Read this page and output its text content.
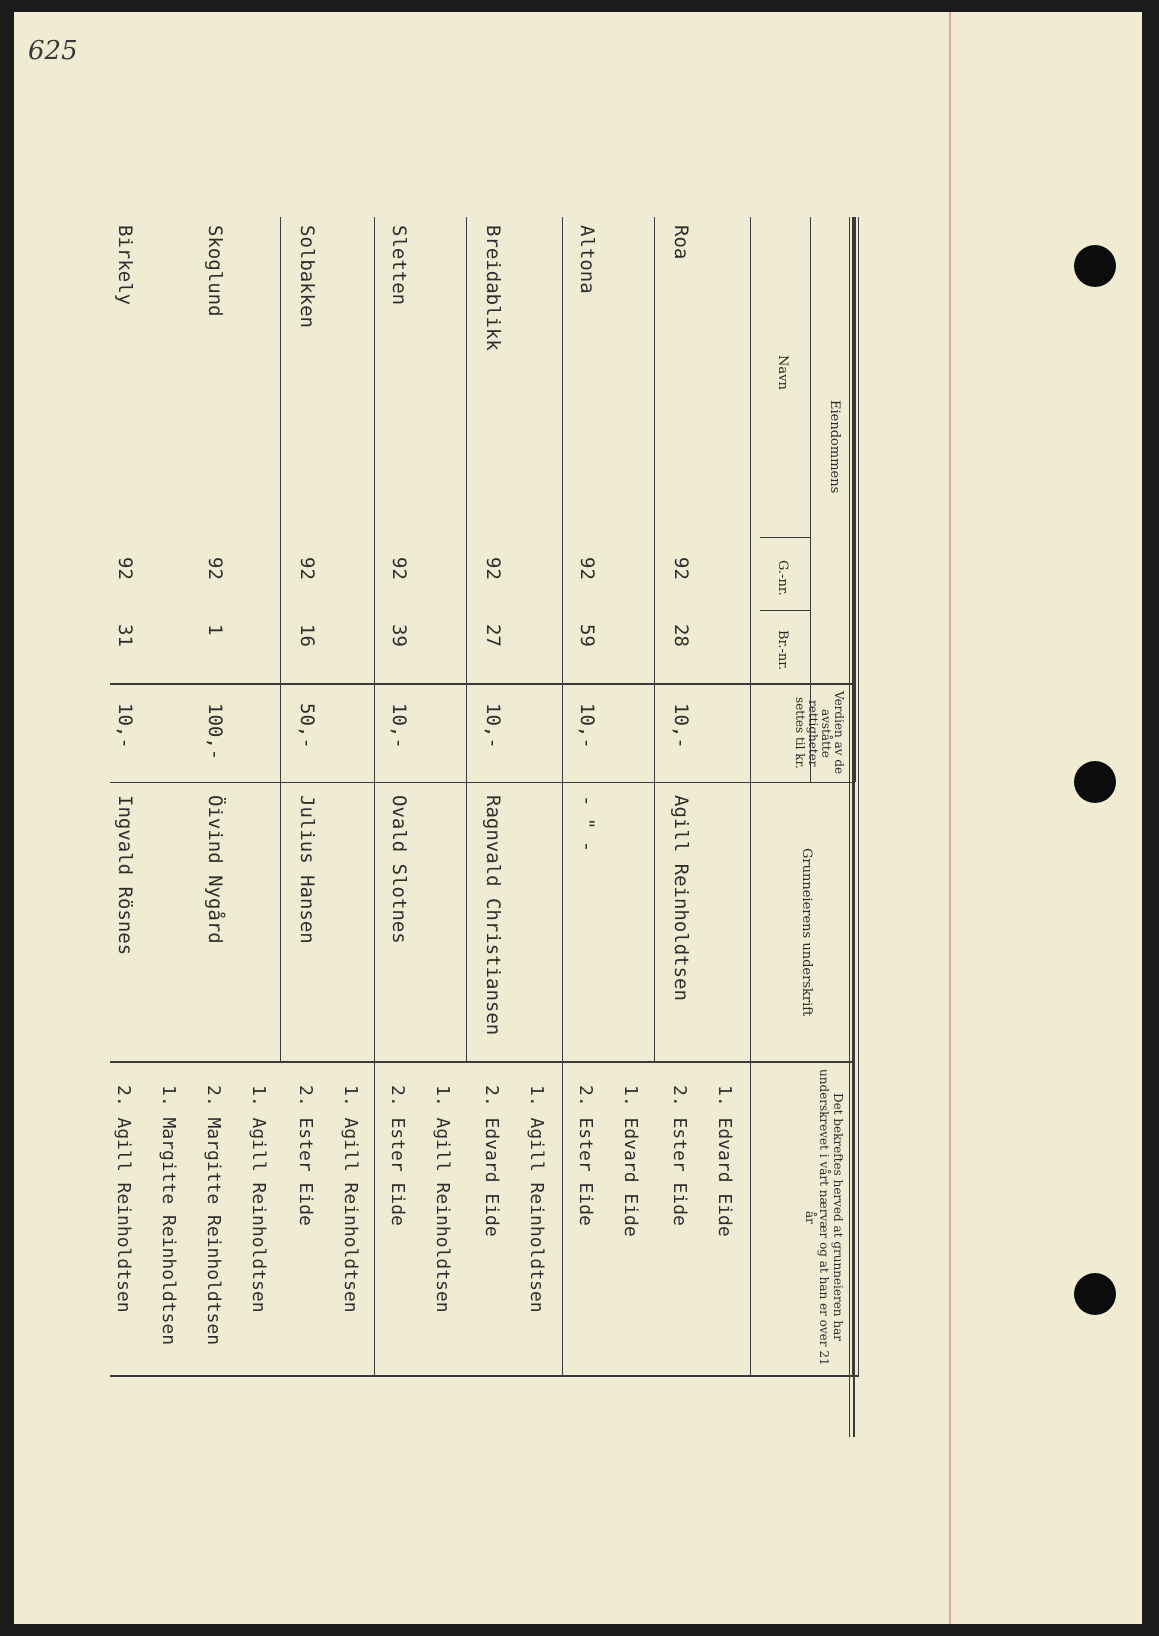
625
Eiendommens
Navn
G.-nr.
Br.-nr.
Verdien av de avståtte rettigheter settes til kr.
Grunneierens underskrift
Det bekreftes herved at grunneieren har underskrevet i vårt nærvær og at han er over 21 år
Roa
92
28
10,-
Agill Reinholdtsen
1. Edvard Eide
2. Ester Eide
Altona
92
59
10,-
- " -
1. Edvard Eide
2. Ester Eide
Breidablikk
92
27
10,-
Ragnvald Christiansen
1. Agill Reinholdtsen
2. Edvard Eide
Sletten
92
39
10,-
Ovald Slotnes
1. Agill Reinholdtsen
2. Ester Eide
Solbakken
92
16
50,-
Julius Hansen
1. Agill Reinholdtsen
2. Ester Eide
Skoglund
92
1
100,-
Öivind Nygård
1. Agill Reinholdtsen
2. Margitte Reinholdtsen
Birkely
92
31
10,-
Ingvald Rösnes
1. Margitte Reinholdtsen
2. Agill Reinholdtsen
